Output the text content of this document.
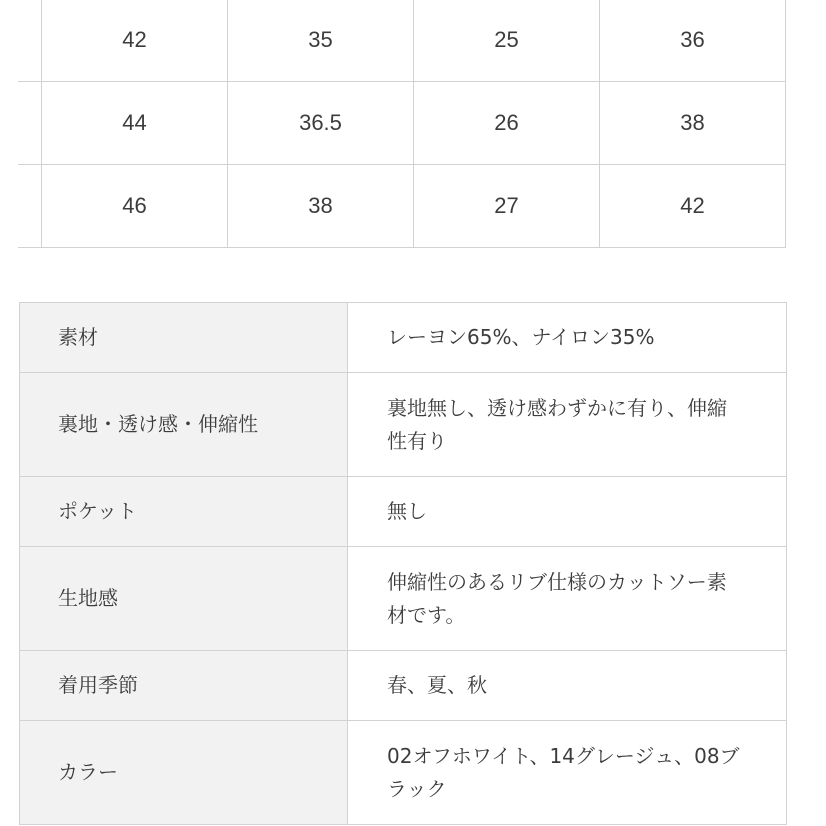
	42	35	25	36
	44	36.5	26	38
	46	38	27	42
素材	レーヨン65%、ナイロン35%
裏地・透け感・伸縮性	裏地無し、透け感わずかに有り、伸縮性有り
ポケット	無し
生地感	伸縮性のあるリブ仕様のカットソー素材です。
着用季節	春、夏、秋
カラー	02オフホワイト、14グレージュ、08ブラック
